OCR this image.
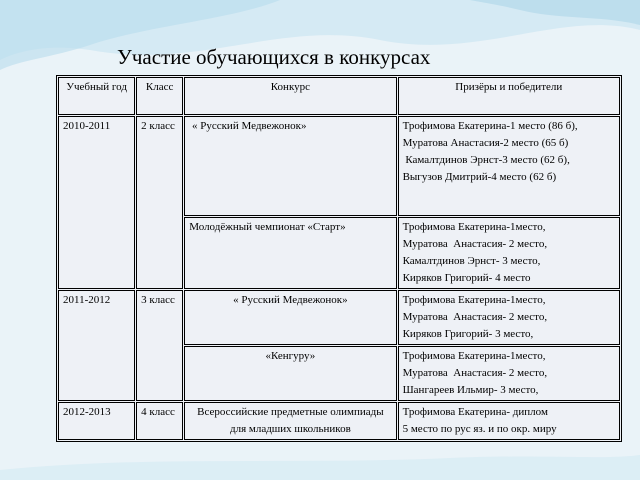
Участие обучающихся в конкурсах
Учебный год	Класс	Конкурс	Призёры и победители
2010-2011	2 класс	« Русский Медвежонок»	Трофимова Екатерина-1 место (86 б),
Муратова Анастасия-2 место (65 б)
Камалтдинов Эрнст-3 место (62 б),
Выгузов Дмитрий-4 место (62 б)

		Молодёжный чемпионат «Старт»	Трофимова Екатерина-1место,
Муратова  Анастасия- 2 место,
Камалтдинов Эрнст- 3 место,
Киряков Григорий- 4 место

2011-2012	3 класс	« Русский Медвежонок»	Трофимова Екатерина-1место,
Муратова  Анастасия- 2 место,
Киряков Григорий- 3 место,

		«Кенгуру»	Трофимова Екатерина-1место,
Муратова  Анастасия- 2 место,
Шангареев Ильмир- 3 место,

2012-2013	4 класс	Всероссийские предметные олимпиады
для младших школьников	Трофимова Екатерина- диплом
5 место по рус яз. и по окр. миру
